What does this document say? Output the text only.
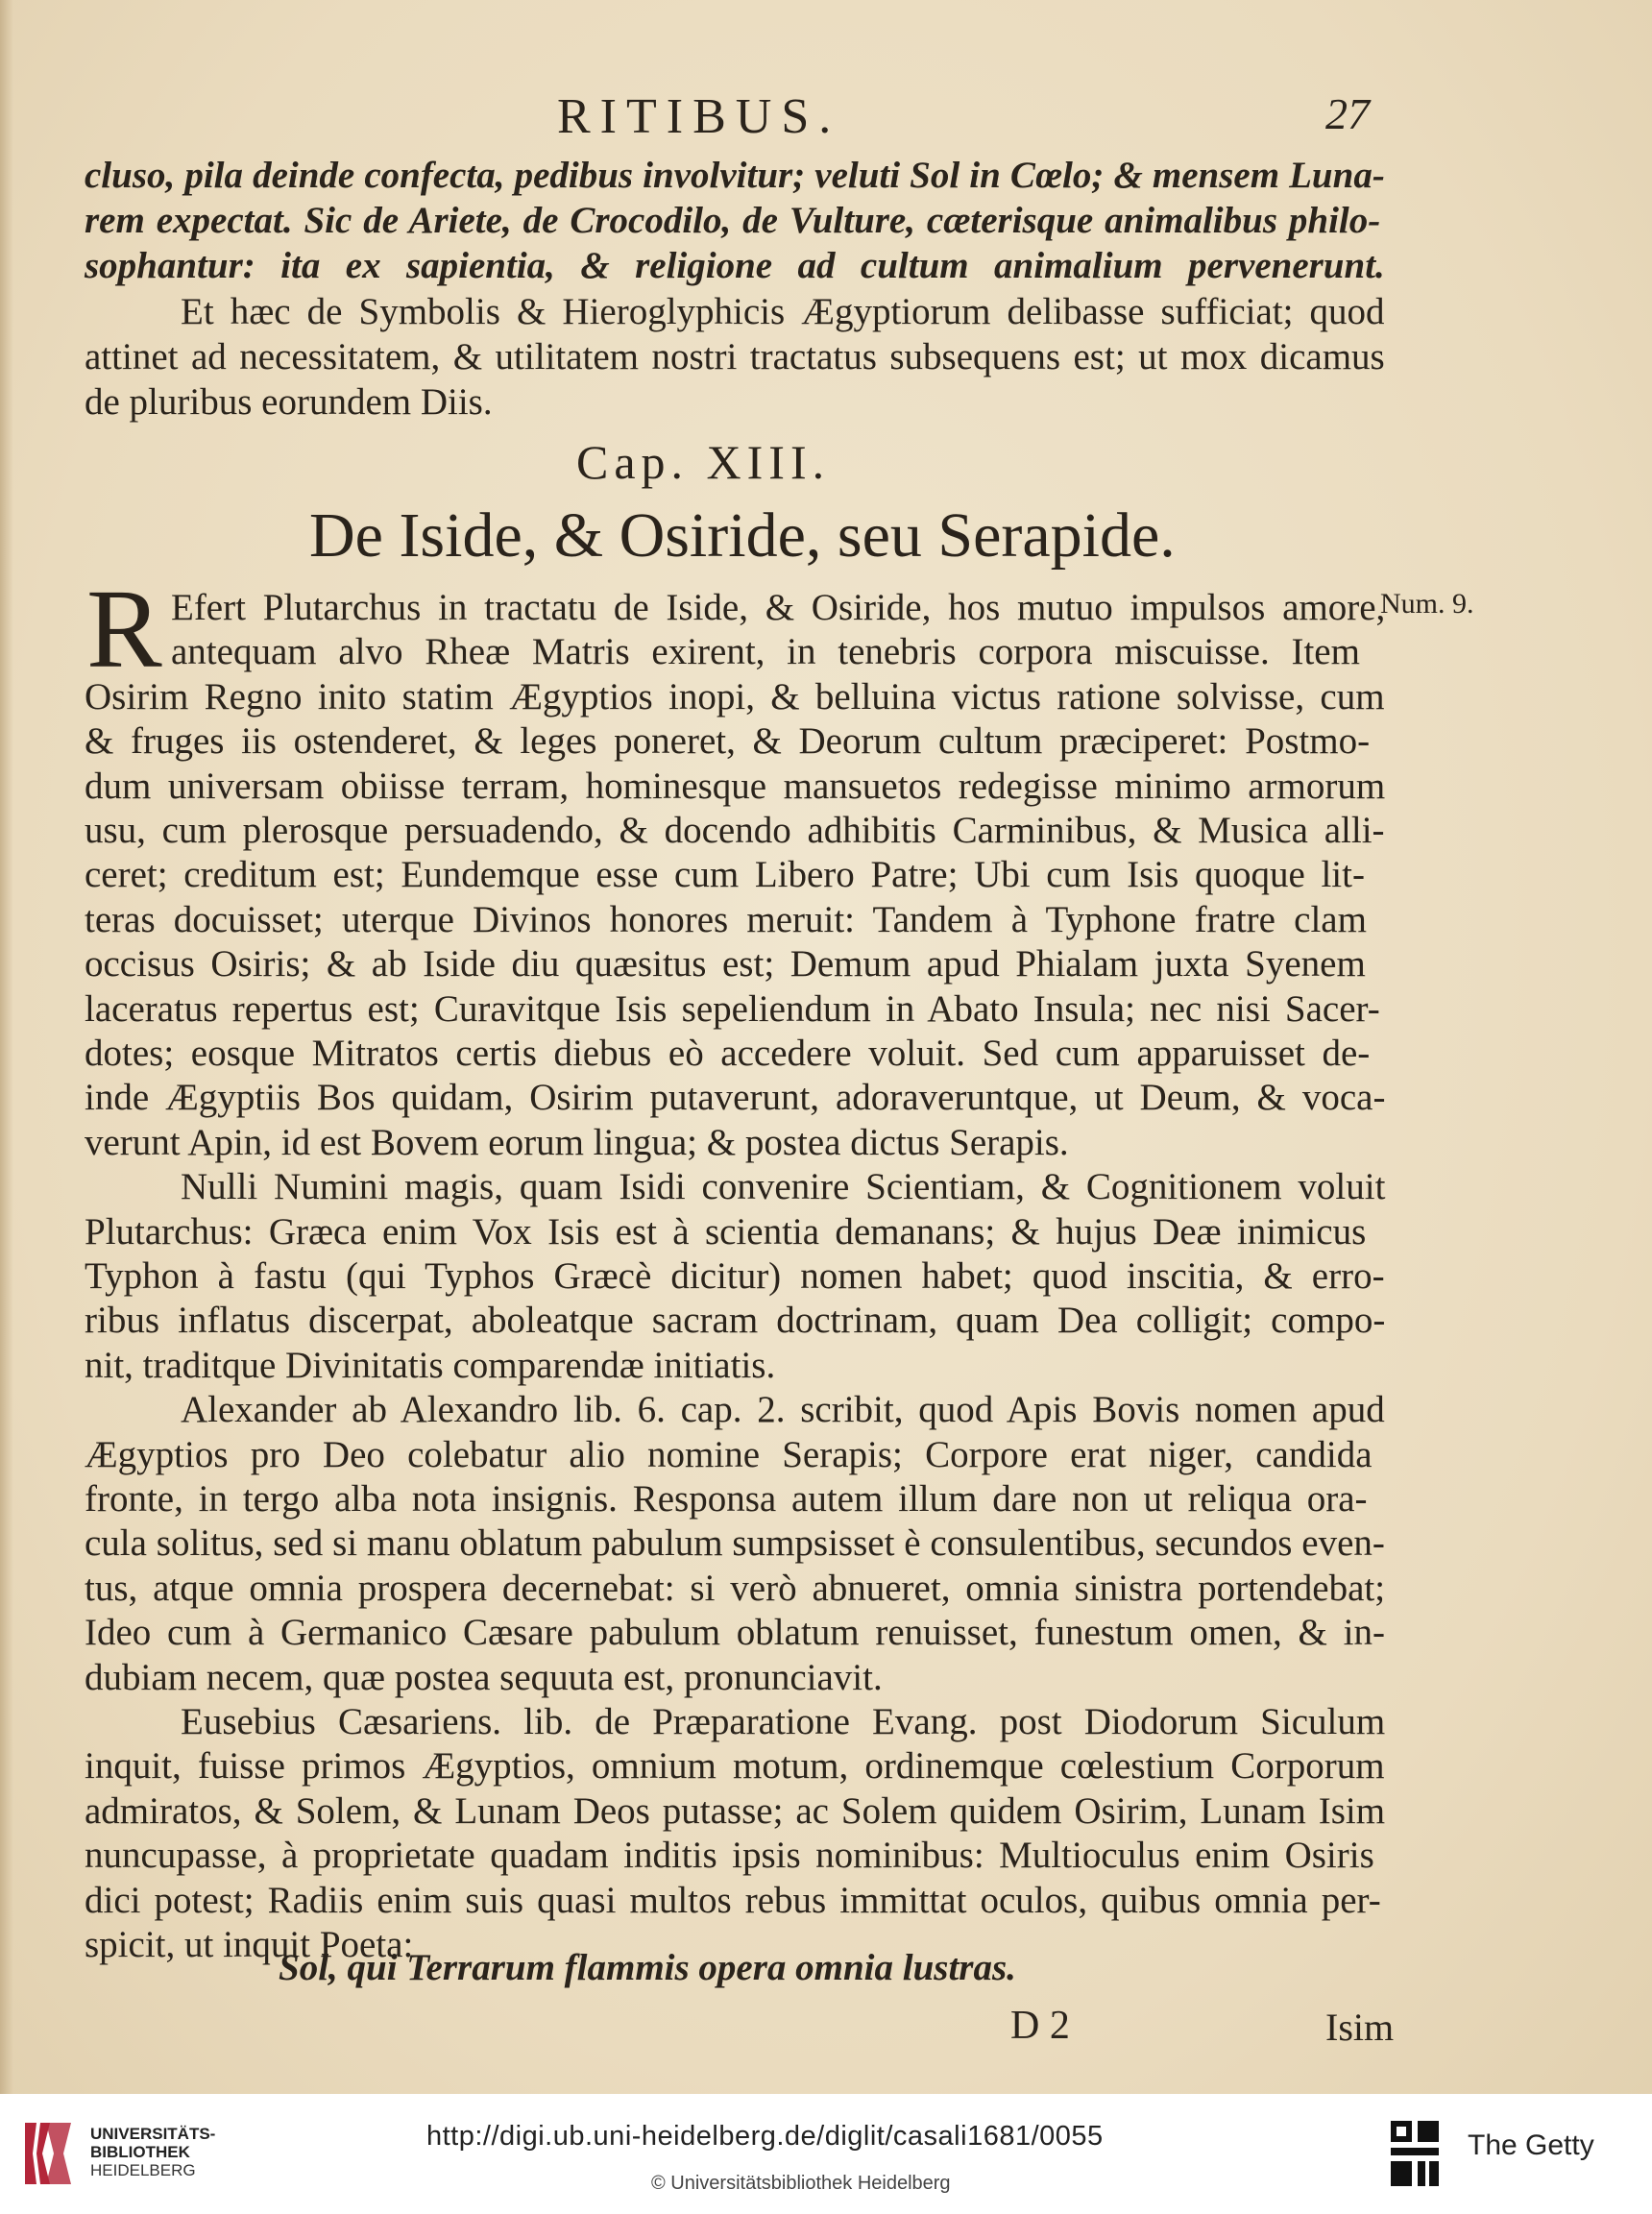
RITIBUS.	27
Cap. XIII.
De Iside, & Osiride, seu Serapide.
R	Num. 9.
cluso, pila deinde confecta, pedibus involvitur; veluti Sol in Cœlo; & mensem Luna-
rem expectat. Sic de Ariete, de Crocodilo, de Vulture, cæterisque animalibus philo-
sophantur: ita ex sapientia, & religione ad cultum animalium pervenerunt.
Et hæc de Symbolis & Hieroglyphicis Ægyptiorum delibasse sufficiat; quod
attinet ad necessitatem, & utilitatem nostri tractatus subsequens est; ut mox dicamus
de pluribus eorundem Diis.
Efert Plutarchus in tractatu de Iside, & Osiride, hos mutuo impulsos amore,
antequam alvo Rheæ Matris exirent, in tenebris corpora miscuisse. Item
Osirim Regno inito statim Ægyptios inopi, & belluina victus ratione solvisse, cum
& fruges iis ostenderet, & leges poneret, & Deorum cultum præciperet: Postmo-
dum universam obiisse terram, hominesque mansuetos redegisse minimo armorum
usu, cum plerosque persuadendo, & docendo adhibitis Carminibus, & Musica alli-
ceret; creditum est; Eundemque esse cum Libero Patre; Ubi cum Isis quoque lit-
teras docuisset; uterque Divinos honores meruit: Tandem à Typhone fratre clam
occisus Osiris; & ab Iside diu quæsitus est; Demum apud Phialam juxta Syenem
laceratus repertus est; Curavitque Isis sepeliendum in Abato Insula; nec nisi Sacer-
dotes; eosque Mitratos certis diebus eò accedere voluit. Sed cum apparuisset de-
inde Ægyptiis Bos quidam, Osirim putaverunt, adoraveruntque, ut Deum, & voca-
verunt Apin, id est Bovem eorum lingua; & postea dictus Serapis.
Nulli Numini magis, quam Isidi convenire Scientiam, & Cognitionem voluit
Plutarchus: Græca enim Vox Isis est à scientia demanans; & hujus Deæ inimicus
Typhon à fastu (qui Typhos Græcè dicitur) nomen habet; quod inscitia, & erro-
ribus inflatus discerpat, aboleatque sacram doctrinam, quam Dea colligit; compo-
nit, traditque Divinitatis comparendæ initiatis.
Alexander ab Alexandro lib. 6. cap. 2. scribit, quod Apis Bovis nomen apud
Ægyptios pro Deo colebatur alio nomine Serapis; Corpore erat niger, candida
fronte, in tergo alba nota insignis. Responsa autem illum dare non ut reliqua ora-
cula solitus, sed si manu oblatum pabulum sumpsisset è consulentibus, secundos even-
tus, atque omnia prospera decernebat: si verò abnueret, omnia sinistra portendebat;
Ideo cum à Germanico Cæsare pabulum oblatum renuisset, funestum omen, & in-
dubiam necem, quæ postea sequuta est, pronunciavit.
Eusebius Cæsariens. lib. de Præparatione Evang. post Diodorum Siculum
inquit, fuisse primos Ægyptios, omnium motum, ordinemque cœlestium Corporum
admiratos, & Solem, & Lunam Deos putasse; ac Solem quidem Osirim, Lunam Isim
nuncupasse, à proprietate quadam inditis ipsis nominibus: Multioculus enim Osiris
dici potest; Radiis enim suis quasi multos rebus immittat oculos, quibus omnia per-
spicit, ut inquit Poeta:
Sol, qui Terrarum flammis opera omnia lustras.
D 2	Isim
UNIVERSITÄTS-
BIBLIOTHEK
HEIDELBERG
http://digi.ub.uni-heidelberg.de/diglit/casali1681/0055
© Universitätsbibliothek Heidelberg
The Getty
